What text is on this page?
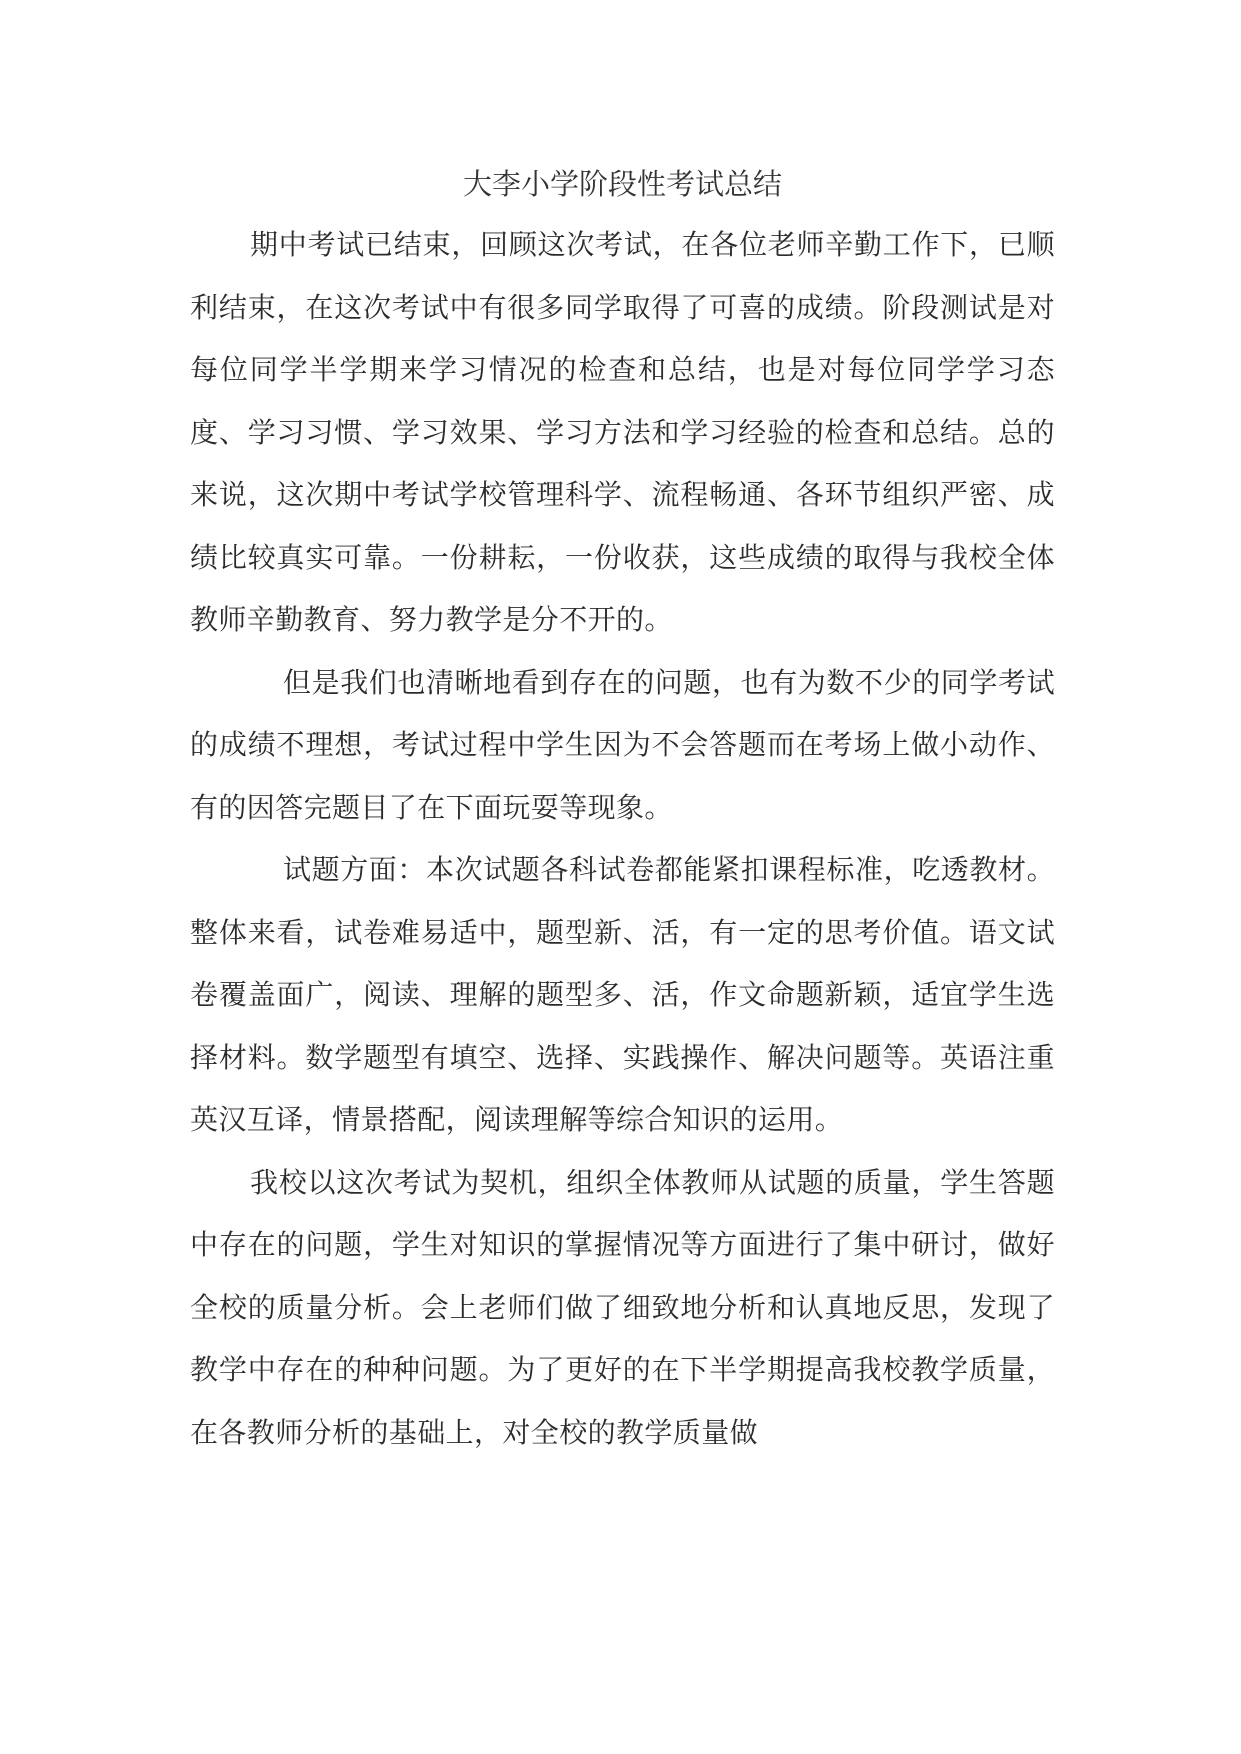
大李小学阶段性考试总结

期中考试已结束，回顾这次考试，在各位老师辛勤工作下，已顺利结束，在这次考试中有很多同学取得了可喜的成绩。阶段测试是对每位同学半学期来学习情况的检查和总结，也是对每位同学学习态度、学习习惯、学习效果、学习方法和学习经验的检查和总结。总的来说，这次期中考试学校管理科学、流程畅通、各环节组织严密、成绩比较真实可靠。一份耕耘，一份收获，这些成绩的取得与我校全体教师辛勤教育、努力教学是分不开的。

但是我们也清晰地看到存在的问题，也有为数不少的同学考试的成绩不理想，考试过程中学生因为不会答题而在考场上做小动作、有的因答完题目了在下面玩耍等现象。

试题方面：本次试题各科试卷都能紧扣课程标准，吃透教材。整体来看，试卷难易适中，题型新、活，有一定的思考价值。语文试卷覆盖面广，阅读、理解的题型多、活，作文命题新颖，适宜学生选择材料。数学题型有填空、选择、实践操作、解决问题等。英语注重英汉互译，情景搭配，阅读理解等综合知识的运用。

我校以这次考试为契机，组织全体教师从试题的质量，学生答题中存在的问题，学生对知识的掌握情况等方面进行了集中研讨，做好全校的质量分析。会上老师们做了细致地分析和认真地反思，发现了教学中存在的种种问题。为了更好的在下半学期提高我校教学质量，在各教师分析的基础上，对全校的教学质量做
